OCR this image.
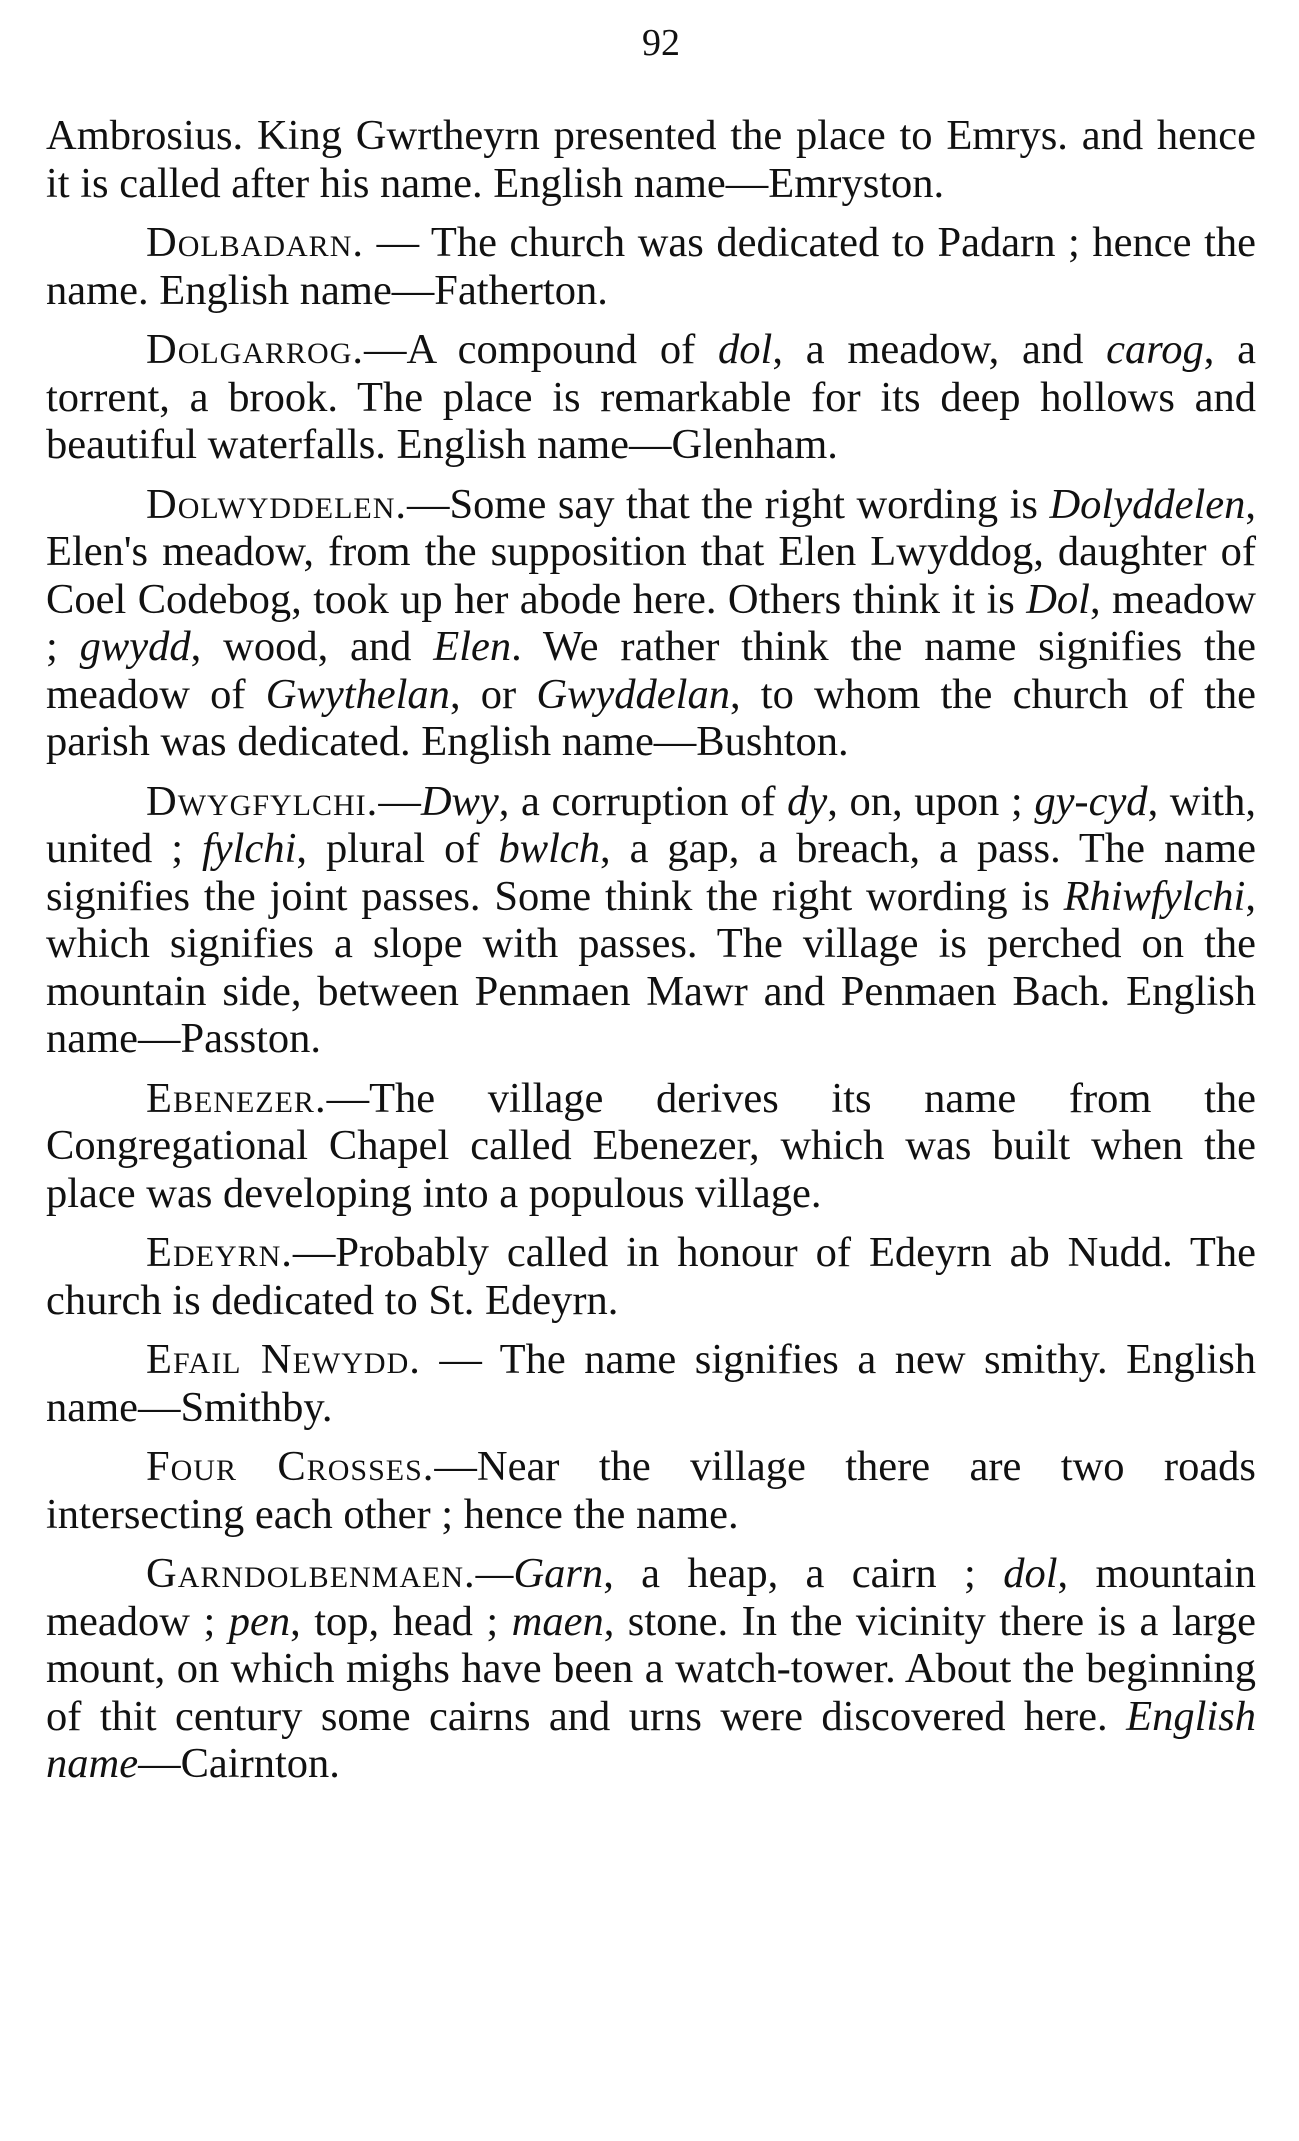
92

Ambrosius. King Gwrtheyrn presented the place to Emrys. and hence it is called after his name. English name—Emryston.

Dolbadarn. — The church was dedicated to Padarn ; hence the name. English name—Fatherton.

Dolgarrog.—A compound of dol, a meadow, and carog, a torrent, a brook. The place is remarkable for its deep hollows and beautiful waterfalls. English name—Glenham.

Dolwyddelen.—Some say that the right wording is Dolyddelen, Elen's meadow, from the supposition that Elen Lwyddog, daughter of Coel Codebog, took up her abode here. Others think it is Dol, meadow ; gwydd, wood, and Elen. We rather think the name signifies the meadow of Gwythelan, or Gwyddelan, to whom the church of the parish was dedicated. English name—Bushton.

Dwygfylchi.—Dwy, a corruption of dy, on, upon ; gy-cyd, with, united ; fylchi, plural of bwlch, a gap, a breach, a pass. The name signifies the joint passes. Some think the right wording is Rhiwfylchi, which signifies a slope with passes. The village is perched on the mountain side, between Penmaen Mawr and Penmaen Bach. English name—Passton.

Ebenezer.—The village derives its name from the Congregational Chapel called Ebenezer, which was built when the place was developing into a populous village.

Edeyrn.—Probably called in honour of Edeyrn ab Nudd. The church is dedicated to St. Edeyrn.

Efail Newydd. — The name signifies a new smithy. English name—Smithby.

Four Crosses.—Near the village there are two roads intersecting each other ; hence the name.

Garndolbenmaen.—Garn, a heap, a cairn ; dol, mountain meadow ; pen, top, head ; maen, stone. In the vicinity there is a large mount, on which mighs have been a watch-tower. About the beginning of thit century some cairns and urns were discovered here. English name—Cairnton.
